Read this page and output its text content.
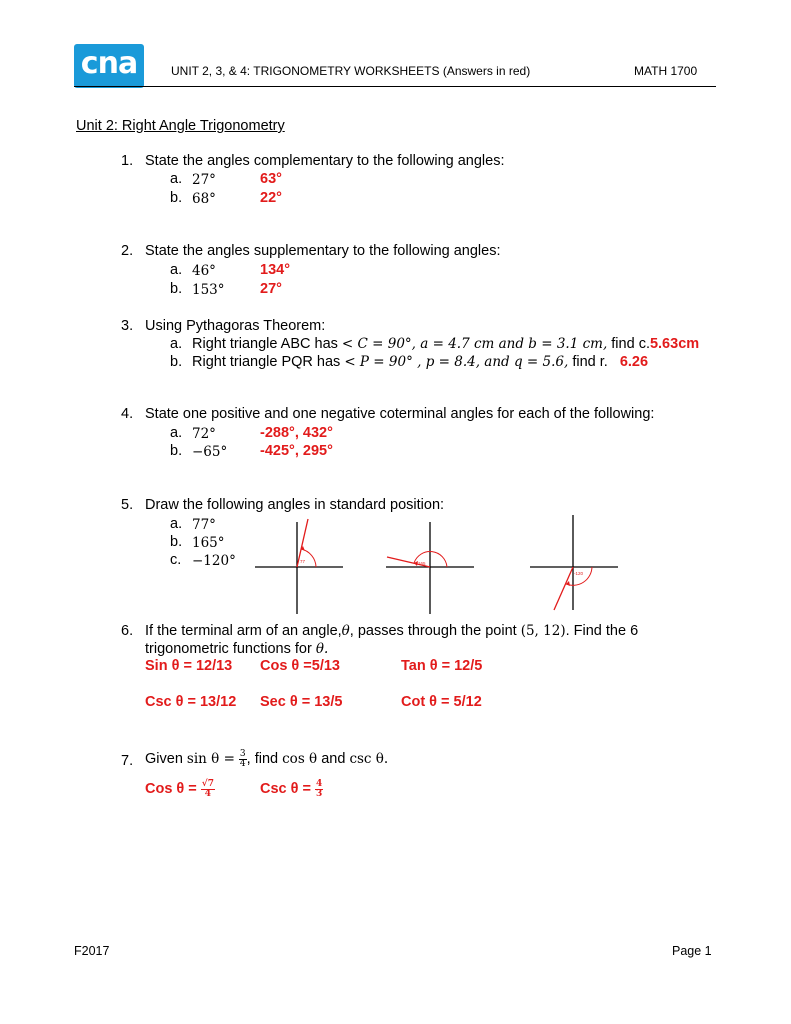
cna	UNIT 2, 3, & 4: TRIGONOMETRY WORKSHEETS (Answers in red)	MATH 1700
Unit 2: Right Angle Trigonometry
1. State the angles complementary to the following angles:
a. 27°	63°
b. 68°	22°
2. State the angles supplementary to the following angles:
a. 46°	134°
b. 153° 27°
3. Using Pythagoras Theorem:
a. Right triangle ABC has < C = 90°, a = 4.7 cm and b = 3.1 cm, find c.5.63cm
b. Right triangle PQR has < P = 90° , p = 8.4, and q = 5.6, find r. 6.26
4. State one positive and one negative coterminal angles for each of the following:
a. 72°	-288°, 432°
b. −65° -425°, 295°
5. Draw the following angles in standard position:
a. 77°
b. 165°
c. −120°	77	165
-120
6. If the terminal arm of an angle,θ, passes through the point (5, 12). Find the 6
trigonometric functions for θ.
Sin θ = 12/13 Cos θ =5/13	Tan θ = 12/5
Csc θ = 13/12 Sec θ = 13/5	Cot θ = 5/12
7. Given $\sin \theta = \frac{3}{4}$ , find cos θ and csc θ.
Cos $\theta = \frac{√7}{4}$	Csc $\theta = \frac{4}{3}$
F2017	Page 1
